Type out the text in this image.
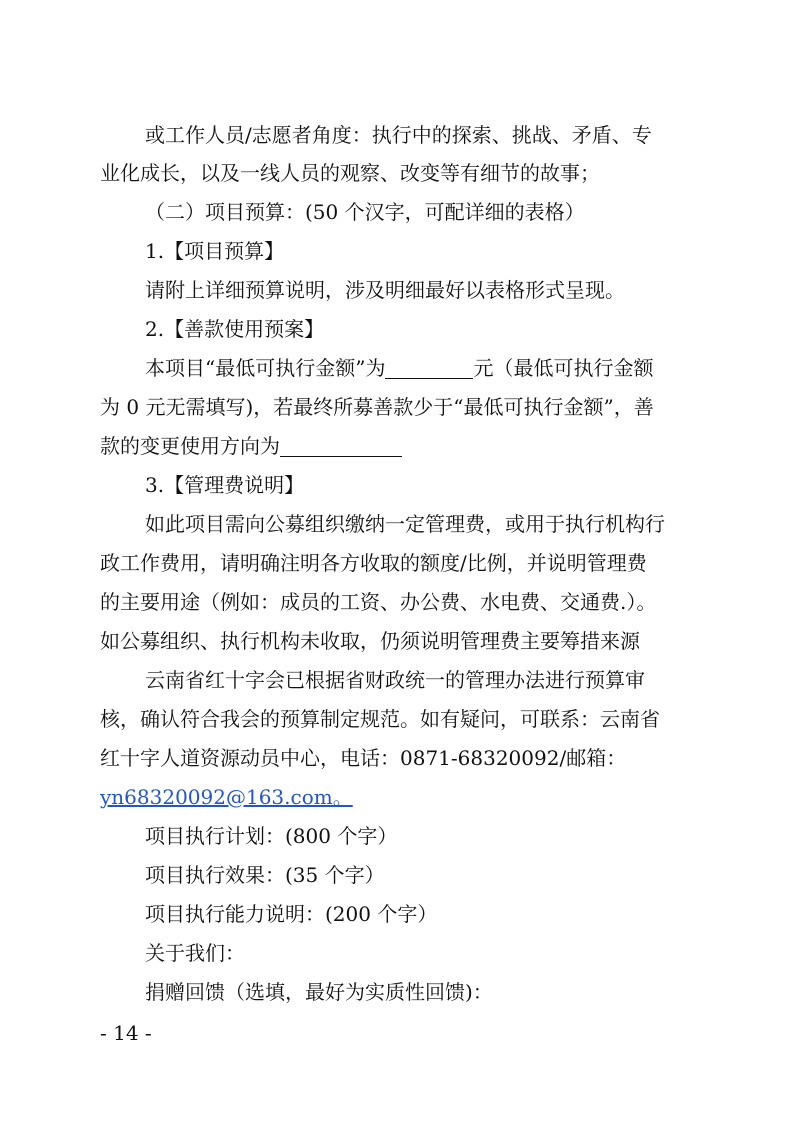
或工作人员/志愿者角度：执行中的探索、挑战、矛盾、专
业化成长，以及一线人员的观察、改变等有细节的故事；
（二）项目预算：(50 个汉字，可配详细的表格）
1.【项目预算】
请附上详细预算说明，涉及明细最好以表格形式呈现。
2.【善款使用预案】
本项目“最低可执行金额”为	元（最低可执行金额
为 0 元无需填写)，若最终所募善款少于“最低可执行金额”，善
款的变更使用方向为
3.【管理费说明】
如此项目需向公募组织缴纳一定管理费，或用于执行机构行
政工作费用，请明确注明各方收取的额度/比例，并说明管理费
的主要用途（例如：成员的工资、办公费、水电费、交通费.）。
如公募组织、执行机构未收取，仍须说明管理费主要筹措来源
云南省红十字会已根据省财政统一的管理办法进行预算审
核，确认符合我会的预算制定规范。如有疑问，可联系：云南省
红十字人道资源动员中心，电话：0871-68320092/邮箱：
yn68320092@163.com。
项目执行计划：(800 个字）
项目执行效果：(35 个字）
项目执行能力说明：(200 个字）
关于我们：
捐赠回馈（选填，最好为实质性回馈)：
- 14 -
